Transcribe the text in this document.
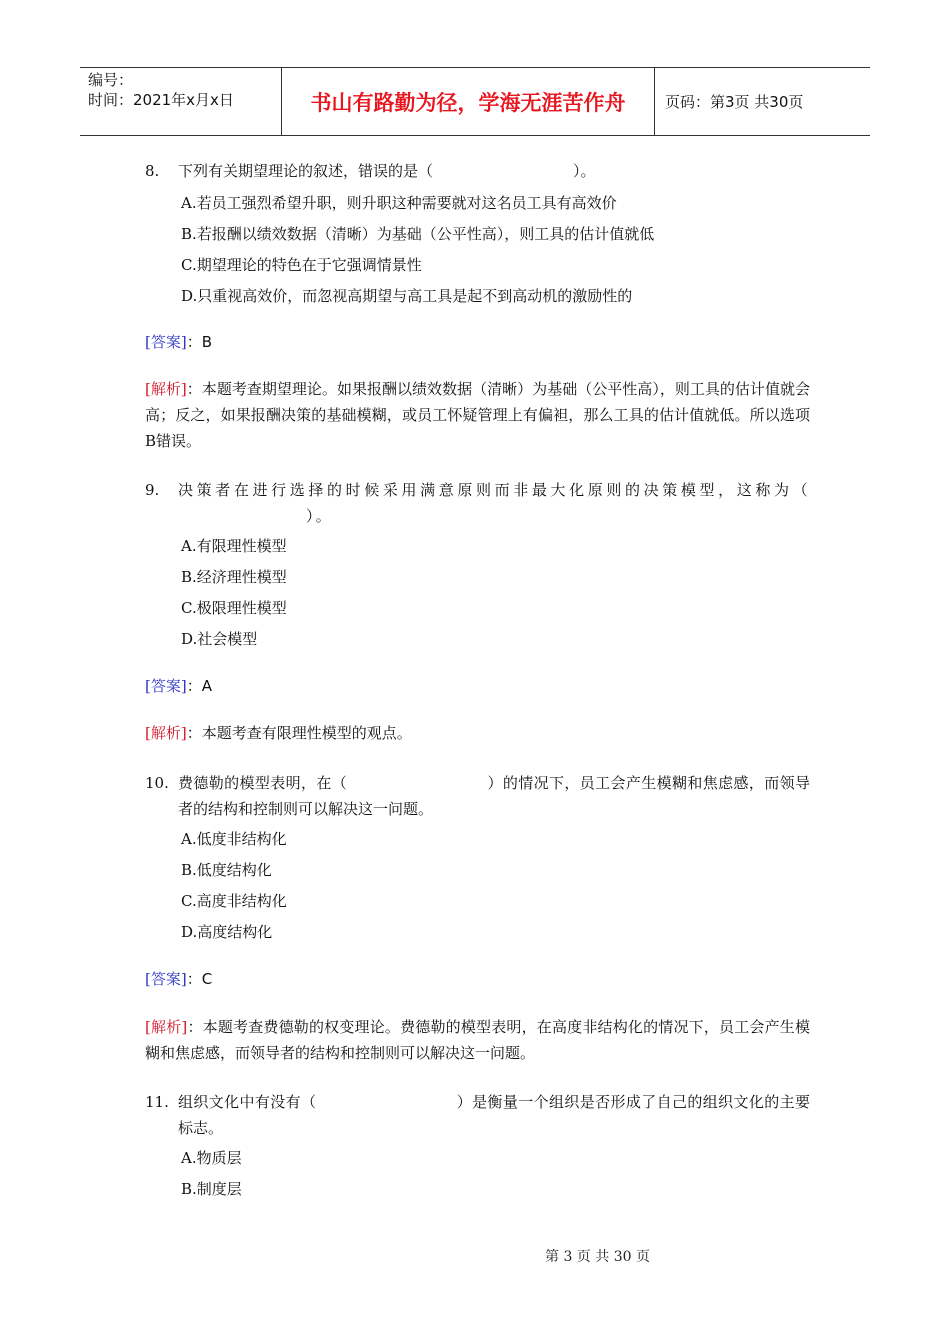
编号：
时间：2021年x月x日	书山有路勤为径，学海无涯苦作舟	页码：第3页 共30页
8. 下列有关期望理论的叙述，错误的是（	）。
A.若员工强烈希望升职，则升职这种需要就对这名员工具有高效价
B.若报酬以绩效数据（清晰）为基础（公平性高），则工具的估计值就低
C.期望理论的特色在于它强调情景性
D.只重视高效价，而忽视高期望与高工具是起不到高动机的激励性的
[答案]：B
[解析]：本题考查期望理论。如果报酬以绩效数据（清晰）为基础（公平性高），则工具的估计值就会高；反之，如果报酬决策的基础模糊，或员工怀疑管理上有偏袒，那么工具的估计值就低。所以选项B错误。
9. 决策者在进行选择的时候采用满意原则而非最大化原则的决策模型，这称为（）。
A.有限理性模型
B.经济理性模型
C.极限理性模型
D.社会模型
[答案]：A
[解析]：本题考查有限理性模型的观点。
10. 费德勒的模型表明，在（	）的情况下，员工会产生模糊和焦虑感，而领导者的结构和控制则可以解决这一问题。
A.低度非结构化
B.低度结构化
C.高度非结构化
D.高度结构化
[答案]：C
[解析]：本题考查费德勒的权变理论。费德勒的模型表明，在高度非结构化的情况下，员工会产生模糊和焦虑感，而领导者的结构和控制则可以解决这一问题。
11. 组织文化中有没有（	）是衡量一个组织是否形成了自己的组织文化的主要标志。
A.物质层
B.制度层
第 3 页 共 30 页
